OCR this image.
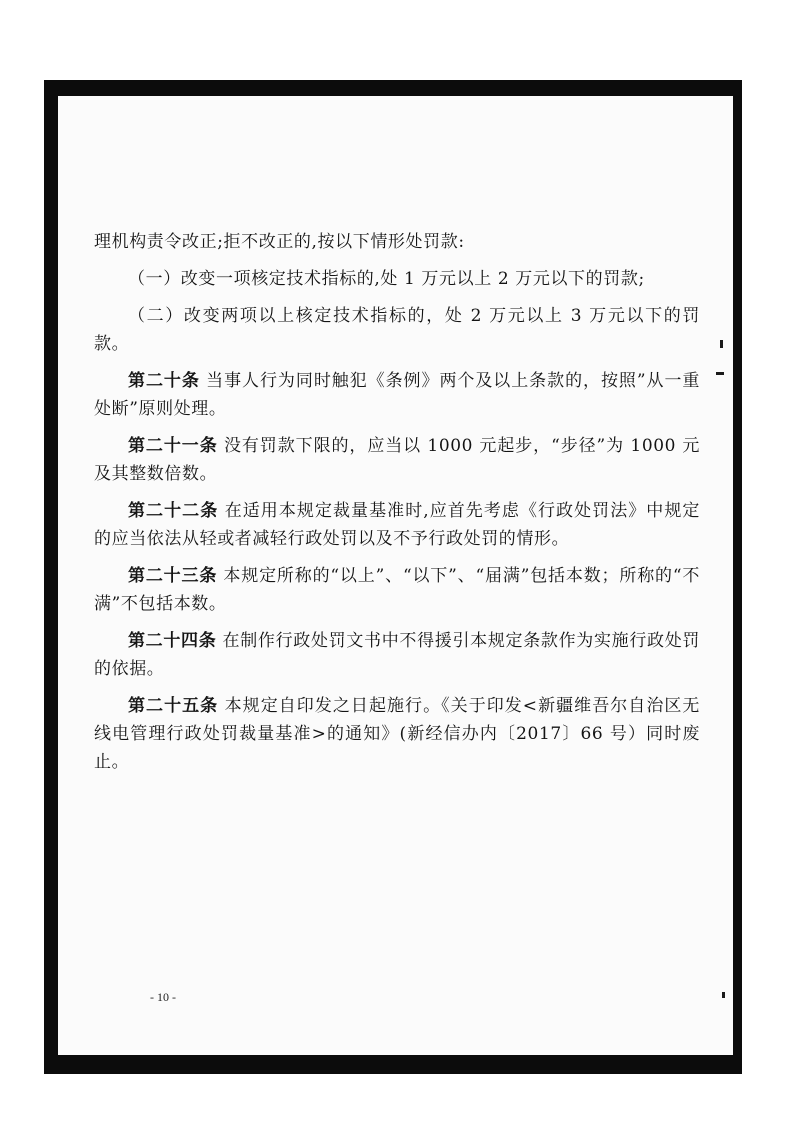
理机构责令改正;拒不改正的,按以下情形处罚款:

（一）改变一项核定技术指标的,处 1 万元以上 2 万元以下的罚款;

（二）改变两项以上核定技术指标的，处 2 万元以上 3 万元以下的罚款。

第二十条 当事人行为同时触犯《条例》两个及以上条款的，按照”从一重处断”原则处理。

第二十一条 没有罚款下限的，应当以 1000 元起步，“步径”为 1000 元及其整数倍数。

第二十二条 在适用本规定裁量基准时,应首先考虑《行政处罚法》中规定的应当依法从轻或者减轻行政处罚以及不予行政处罚的情形。

第二十三条 本规定所称的“以上”、“以下”、“届满”包括本数；所称的“不满”不包括本数。

第二十四条 在制作行政处罚文书中不得援引本规定条款作为实施行政处罚的依据。

第二十五条 本规定自印发之日起施行。《关于印发<新疆维吾尔自治区无线电管理行政处罚裁量基准>的通知》(新经信办内〔2017〕66 号）同时废止。

- 10 -
